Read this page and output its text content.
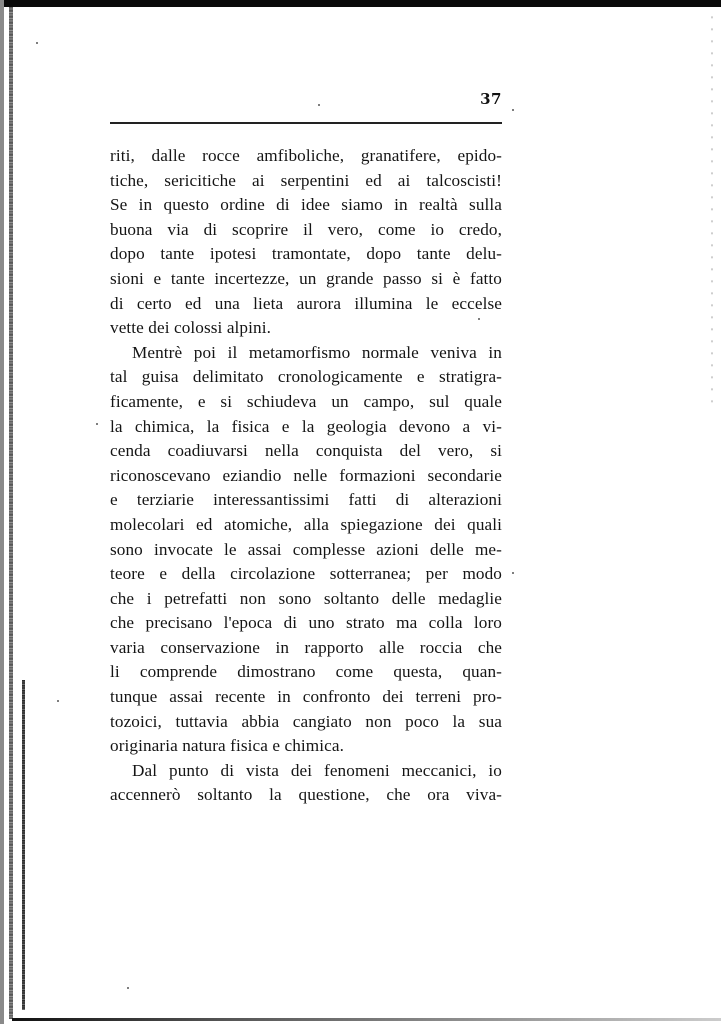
37
riti, dalle rocce amfiboliche, granatifere, epido-
tiche, sericitiche ai serpentini ed ai talcoscisti!
Se in questo ordine di idee siamo in realtà sulla
buona via di scoprire il vero, come io credo,
dopo tante ipotesi tramontate, dopo tante delu-
sioni e tante incertezze, un grande passo si è fatto
di certo ed una lieta aurora illumina le eccelse
vette dei colossi alpini.
Mentrè poi il metamorfismo normale veniva in
tal guisa delimitato cronologicamente e stratigra-
ficamente, e si schiudeva un campo, sul quale
la chimica, la fisica e la geologia devono a vi-
cenda coadiuvarsi nella conquista del vero, si
riconoscevano eziandio nelle formazioni secondarie
e terziarie interessantissimi fatti di alterazioni
molecolari ed atomiche, alla spiegazione dei quali
sono invocate le assai complesse azioni delle me-
teore e della circolazione sotterranea; per modo
che i petrefatti non sono soltanto delle medaglie
che precisano l'epoca di uno strato ma colla loro
varia conservazione in rapporto alle roccia che
li comprende dimostrano come questa, quan-
tunque assai recente in confronto dei terreni pro-
tozoici, tuttavia abbia cangiato non poco la sua
originaria natura fisica e chimica.
Dal punto di vista dei fenomeni meccanici, io
accennerò soltanto la questione, che ora viva-
